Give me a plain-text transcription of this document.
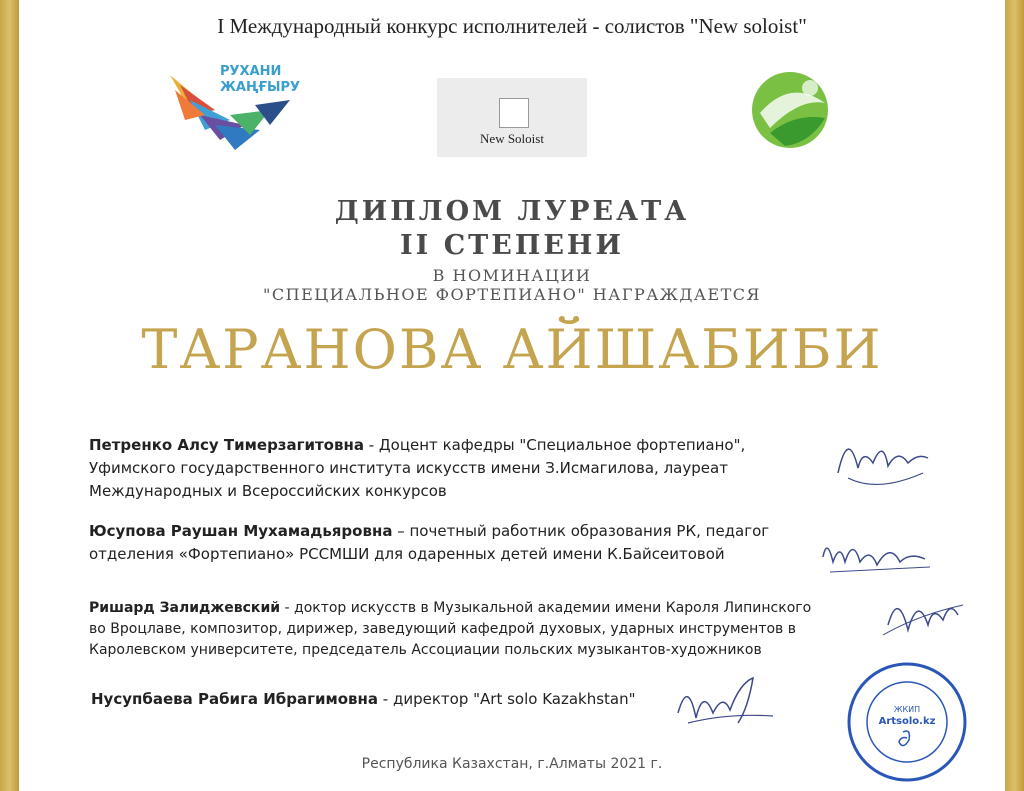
I Международный конкурс исполнителей - солистов "New soloist"
РУХАНИ
ЖАҢҒЫРУ
New Soloist
ДИПЛОМ ЛУРЕАТА
II СТЕПЕНИ
В НОМИНАЦИИ
"СПЕЦИАЛЬНОЕ ФОРТЕПИАНО" НАГРАЖДАЕТСЯ
ТАРАНОВА АЙШАБИБИ
Петренко Алсу Тимерзагитовна - Доцент кафедры "Специальное фортепиано", Уфимского государственного института искусств имени З.Исмагилова, лауреат Международных и Всероссийских конкурсов
Юсупова Раушан Мухамадьяровна – почетный работник образования РК, педагог отделения «Фортепиано» РССМШИ для одаренных детей имени К.Байсеитовой
Ришард Залиджевский - доктор искусств в Музыкальной академии имени Кароля Липинского во Вроцлаве, композитор, дирижер, заведующий кафедрой духовых, ударных инструментов в Каролевском университете, председатель Ассоциации польских музыкантов-художников
Нусупбаева Рабига Ибрагимовна - директор "Art solo Kazakhstan"
ЖКИП
Artsolo.kz
Республика Казахстан, г.Алматы 2021 г.
